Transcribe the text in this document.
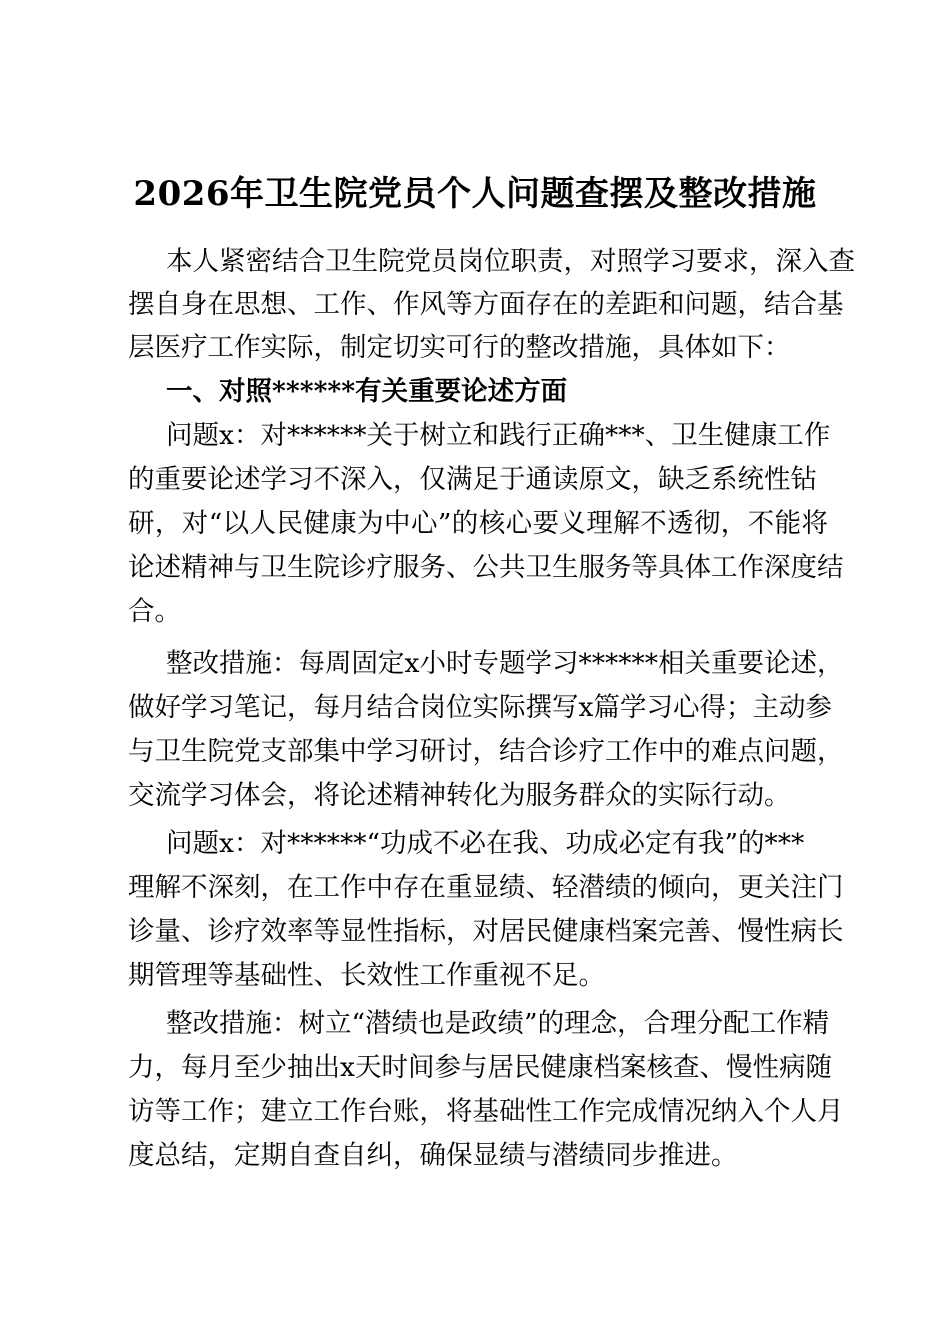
2026年卫生院党员个人问题查摆及整改措施

本人紧密结合卫生院党员岗位职责，对照学习要求，深入查

摆自身在思想、工作、作风等方面存在的差距和问题，结合基

层医疗工作实际，制定切实可行的整改措施，具体如下：

一、对照******有关重要论述方面

问题x：对******关于树立和践行正确***、卫生健康工作

的重要论述学习不深入，仅满足于通读原文，缺乏系统性钻

研，对“以人民健康为中心”的核心要义理解不透彻，不能将

论述精神与卫生院诊疗服务、公共卫生服务等具体工作深度结

合。

整改措施：每周固定x小时专题学习******相关重要论述，

做好学习笔记，每月结合岗位实际撰写x篇学习心得；主动参

与卫生院党支部集中学习研讨，结合诊疗工作中的难点问题，

交流学习体会，将论述精神转化为服务群众的实际行动。

问题x：对******“功成不必在我、功成必定有我”的***

理解不深刻，在工作中存在重显绩、轻潜绩的倾向，更关注门

诊量、诊疗效率等显性指标，对居民健康档案完善、慢性病长

期管理等基础性、长效性工作重视不足。

整改措施：树立“潜绩也是政绩”的理念，合理分配工作精

力，每月至少抽出x天时间参与居民健康档案核查、慢性病随

访等工作；建立工作台账，将基础性工作完成情况纳入个人月

度总结，定期自查自纠，确保显绩与潜绩同步推进。
